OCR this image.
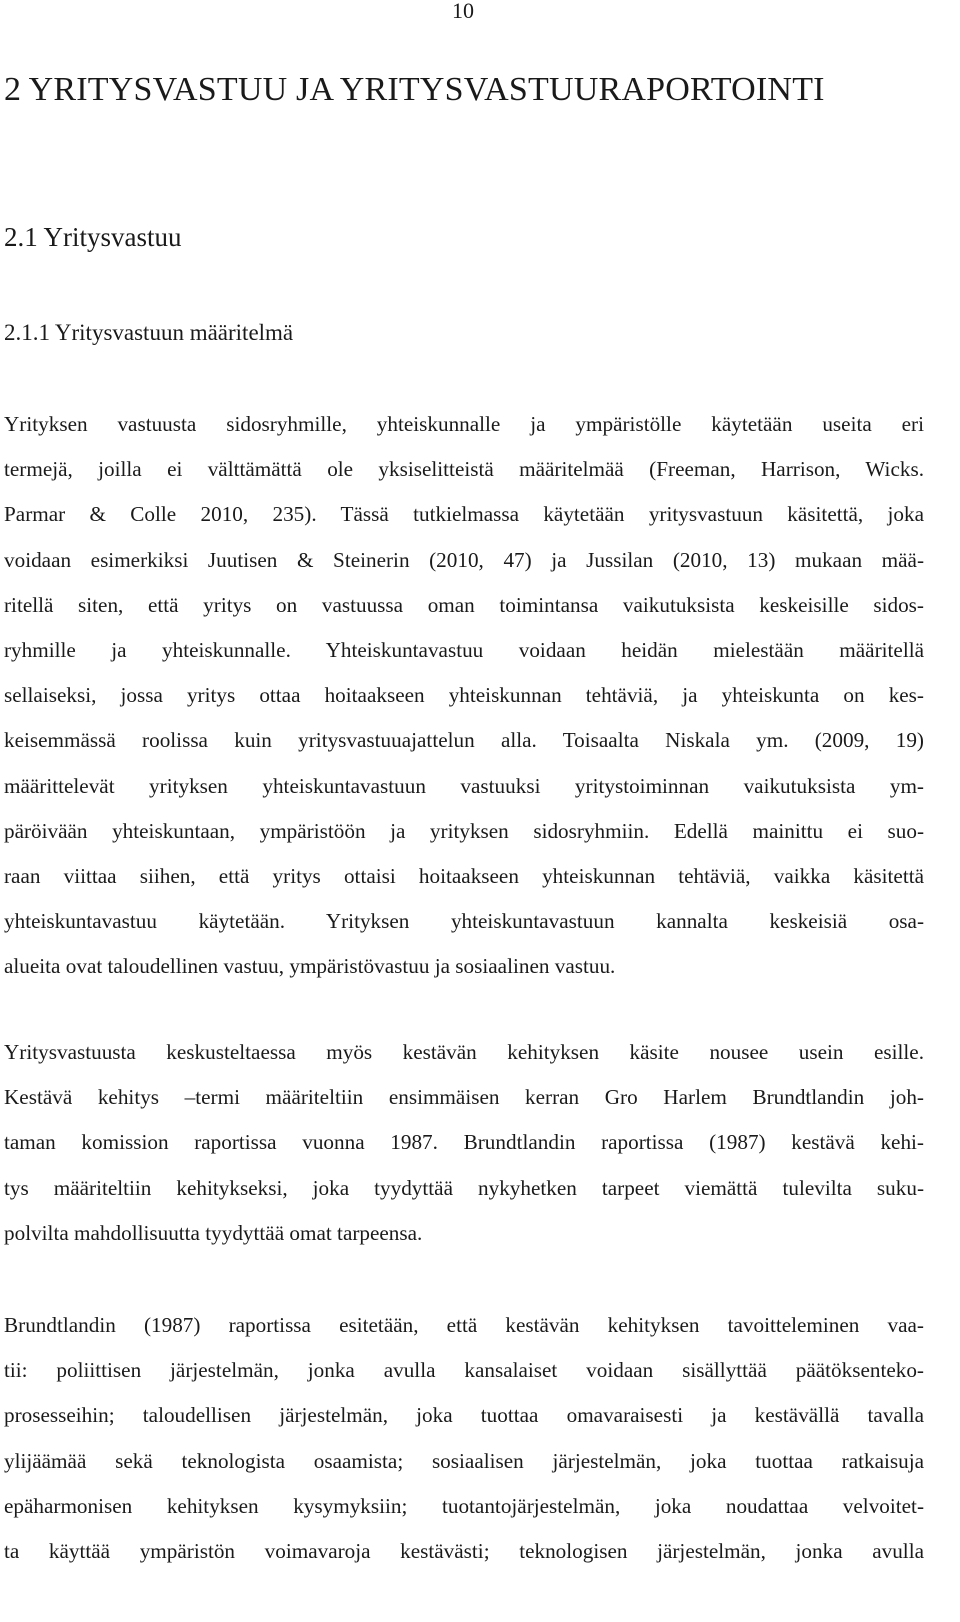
10
2 YRITYSVASTUU JA YRITYSVASTUURAPORTOINTI
2.1 Yritysvastuu
2.1.1 Yritysvastuun määritelmä
Yrityksen vastuusta sidosryhmille, yhteiskunnalle ja ympäristölle käytetään useita eri
termejä, joilla ei välttämättä ole yksiselitteistä määritelmää (Freeman, Harrison, Wicks.
Parmar & Colle 2010, 235). Tässä tutkielmassa käytetään yritysvastuun käsitettä, joka
voidaan esimerkiksi Juutisen & Steinerin (2010, 47) ja Jussilan (2010, 13) mukaan mää-
ritellä siten, että yritys on vastuussa oman toimintansa vaikutuksista keskeisille sidos-
ryhmille ja yhteiskunnalle. Yhteiskuntavastuu voidaan heidän mielestään määritellä
sellaiseksi, jossa yritys ottaa hoitaakseen yhteiskunnan tehtäviä, ja yhteiskunta on kes-
keisemmässä roolissa kuin yritysvastuuajattelun alla. Toisaalta Niskala ym. (2009, 19)
määrittelevät yrityksen yhteiskuntavastuun vastuuksi yritystoiminnan vaikutuksista ym-
päröivään yhteiskuntaan, ympäristöön ja yrityksen sidosryhmiin. Edellä mainittu ei suo-
raan viittaa siihen, että yritys ottaisi hoitaakseen yhteiskunnan tehtäviä, vaikka käsitettä
yhteiskuntavastuu käytetään. Yrityksen yhteiskuntavastuun kannalta keskeisiä osa-
alueita ovat taloudellinen vastuu, ympäristövastuu ja sosiaalinen vastuu.
Yritysvastuusta keskusteltaessa myös kestävän kehityksen käsite nousee usein esille.
Kestävä kehitys –termi määriteltiin ensimmäisen kerran Gro Harlem Brundtlandin joh-
taman komission raportissa vuonna 1987. Brundtlandin raportissa (1987) kestävä kehi-
tys määriteltiin kehitykseksi, joka tyydyttää nykyhetken tarpeet viemättä tulevilta suku-
polvilta mahdollisuutta tyydyttää omat tarpeensa.
Brundtlandin (1987) raportissa esitetään, että kestävän kehityksen tavoitteleminen vaa-
tii: poliittisen järjestelmän, jonka avulla kansalaiset voidaan sisällyttää päätöksenteko-
prosesseihin; taloudellisen järjestelmän, joka tuottaa omavaraisesti ja kestävällä tavalla
ylijäämää sekä teknologista osaamista; sosiaalisen järjestelmän, joka tuottaa ratkaisuja
epäharmonisen kehityksen kysymyksiin; tuotantojärjestelmän, joka noudattaa velvoitet-
ta käyttää ympäristön voimavaroja kestävästi; teknologisen järjestelmän, jonka avulla
